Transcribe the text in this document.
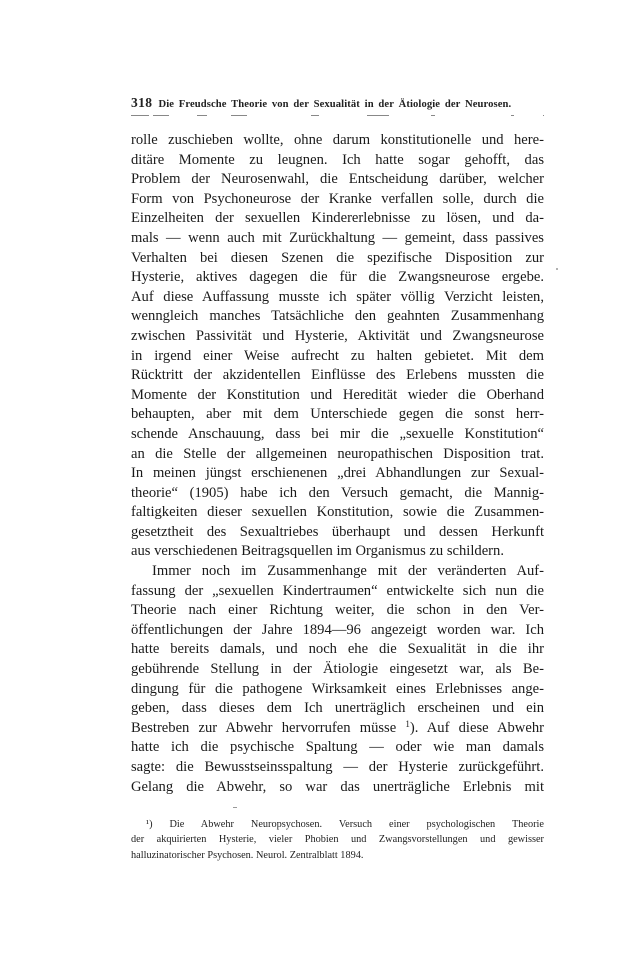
318 Die Freudsche Theorie von der Sexualität in der Ätiologie der Neurosen.
rolle zuschieben wollte, ohne darum konstitutionelle und here-
ditäre Momente zu leugnen. Ich hatte sogar gehofft, das
Problem der Neurosenwahl, die Entscheidung darüber, welcher
Form von Psychoneurose der Kranke verfallen solle, durch die
Einzelheiten der sexuellen Kindererlebnisse zu lösen, und da-
mals — wenn auch mit Zurückhaltung — gemeint, dass passives
Verhalten bei diesen Szenen die spezifische Disposition zur
Hysterie, aktives dagegen die für die Zwangsneurose ergebe.
Auf diese Auffassung musste ich später völlig Verzicht leisten,
wenngleich manches Tatsächliche den geahnten Zusammenhang
zwischen Passivität und Hysterie, Aktivität und Zwangsneurose
in irgend einer Weise aufrecht zu halten gebietet. Mit dem
Rücktritt der akzidentellen Einflüsse des Erlebens mussten die
Momente der Konstitution und Heredität wieder die Oberhand
behaupten, aber mit dem Unterschiede gegen die sonst herr-
schende Anschauung, dass bei mir die „sexuelle Konstitution“
an die Stelle der allgemeinen neuropathischen Disposition trat.
In meinen jüngst erschienenen „drei Abhandlungen zur Sexual-
theorie“ (1905) habe ich den Versuch gemacht, die Mannig-
faltigkeiten dieser sexuellen Konstitution, sowie die Zusammen-
gesetztheit des Sexualtriebes überhaupt und dessen Herkunft
aus verschiedenen Beitragsquellen im Organismus zu schildern.
Immer noch im Zusammenhange mit der veränderten Auf-
fassung der „sexuellen Kindertraumen“ entwickelte sich nun die
Theorie nach einer Richtung weiter, die schon in den Ver-
öffentlichungen der Jahre 1894—96 angezeigt worden war. Ich
hatte bereits damals, und noch ehe die Sexualität in die ihr
gebührende Stellung in der Ätiologie eingesetzt war, als Be-
dingung für die pathogene Wirksamkeit eines Erlebnisses ange-
geben, dass dieses dem Ich unerträglich erscheinen und ein
Bestreben zur Abwehr hervorrufen müsse $^1$). Auf diese Abwehr
hatte ich die psychische Spaltung — oder wie man damals
sagte: die Bewusstseinsspaltung — der Hysterie zurückgeführt.
Gelang die Abwehr, so war das unerträgliche Erlebnis mit
¹) Die Abwehr Neuropsychosen. Versuch einer psychologischen Theorie
der akquirierten Hysterie, vieler Phobien und Zwangsvorstellungen und gewisser
halluzinatorischer Psychosen. Neurol. Zentralblatt 1894.
